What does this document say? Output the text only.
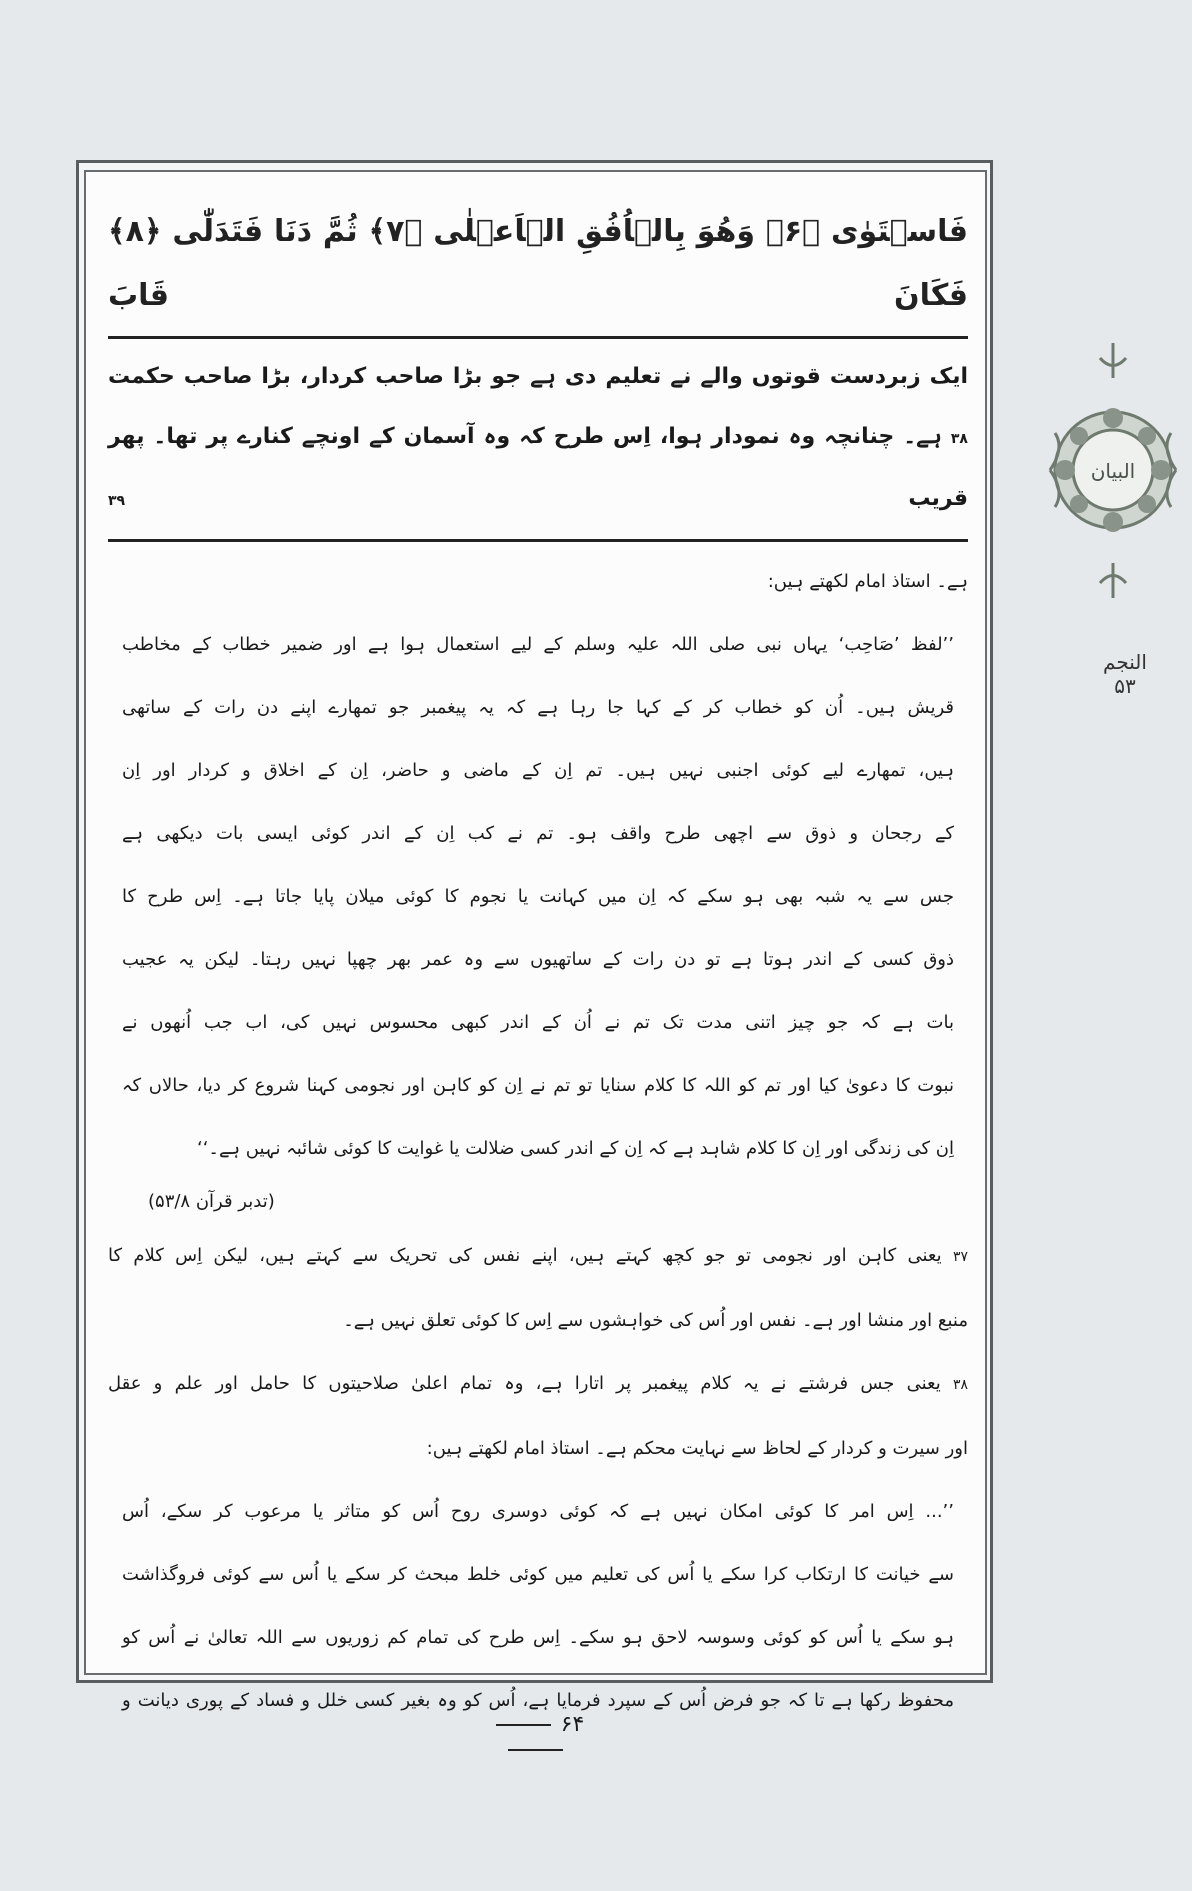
فَاسۡتَوٰی ﴿۶﴾ وَهُوَ بِالۡاُفُقِ الۡاَعۡلٰی ﴿۷﴾ ثُمَّ دَنَا فَتَدَلّٰی ﴿۸﴾ فَكَانَ قَابَ
ایک زبردست قوتوں والے نے تعلیم دی ہے جو بڑا صاحب کردار، بڑا صاحب حکمت
۳۸ ہے۔ چنانچہ وہ نمودار ہوا، اِس طرح کہ وہ آسمان کے اونچے کنارے پر تھا۔ پھر قریب ۳۹
ہے۔ استاذ امام لکھتے ہیں:
’’لفظ ’صَاحِب‘ یہاں نبی صلی اللہ علیہ وسلم کے لیے استعمال ہوا ہے اور ضمیر خطاب کے مخاطب
قریش ہیں۔ اُن کو خطاب کر کے کہا جا رہا ہے کہ یہ پیغمبر جو تمھارے اپنے دن رات کے ساتھی
ہیں، تمھارے لیے کوئی اجنبی نہیں ہیں۔ تم اِن کے ماضی و حاضر، اِن کے اخلاق و کردار اور اِن
کے رجحان و ذوق سے اچھی طرح واقف ہو۔ تم نے کب اِن کے اندر کوئی ایسی بات دیکھی ہے
جس سے یہ شبہ بھی ہو سکے کہ اِن میں کہانت یا نجوم کا کوئی میلان پایا جاتا ہے۔ اِس طرح کا
ذوق کسی کے اندر ہوتا ہے تو دن رات کے ساتھیوں سے وہ عمر بھر چھپا نہیں رہتا۔ لیکن یہ عجیب
بات ہے کہ جو چیز اتنی مدت تک تم نے اُن کے اندر کبھی محسوس نہیں کی، اب جب اُنھوں نے
نبوت کا دعویٰ کیا اور تم کو اللہ کا کلام سنایا تو تم نے اِن کو کاہن اور نجومی کہنا شروع کر دیا، حالاں کہ
اِن کی زندگی اور اِن کا کلام شاہد ہے کہ اِن کے اندر کسی ضلالت یا غوایت کا کوئی شائبہ نہیں ہے۔‘‘
(تدبر قرآن ۵۳/۸)
۳۷ یعنی کاہن اور نجومی تو جو کچھ کہتے ہیں، اپنے نفس کی تحریک سے کہتے ہیں، لیکن اِس کلام کا
منبع اور منشا اور ہے۔ نفس اور اُس کی خواہشوں سے اِس کا کوئی تعلق نہیں ہے۔
۳۸ یعنی جس فرشتے نے یہ کلام پیغمبر پر اتارا ہے، وہ تمام اعلیٰ صلاحیتوں کا حامل اور علم و عقل
اور سیرت و کردار کے لحاظ سے نہایت محکم ہے۔ استاذ امام لکھتے ہیں:
’’... اِس امر کا کوئی امکان نہیں ہے کہ کوئی دوسری روح اُس کو متاثر یا مرعوب کر سکے، اُس
سے خیانت کا ارتکاب کرا سکے یا اُس کی تعلیم میں کوئی خلط مبحث کر سکے یا اُس سے کوئی فروگذاشت
ہو سکے یا اُس کو کوئی وسوسہ لاحق ہو سکے۔ اِس طرح کی تمام کم زوریوں سے اللہ تعالیٰ نے اُس کو
محفوظ رکھا ہے تا کہ جو فرض اُس کے سپرد فرمایا ہے، اُس کو وہ بغیر کسی خلل و فساد کے پوری دیانت و
البیان
النجم
۵۳
۶۴
